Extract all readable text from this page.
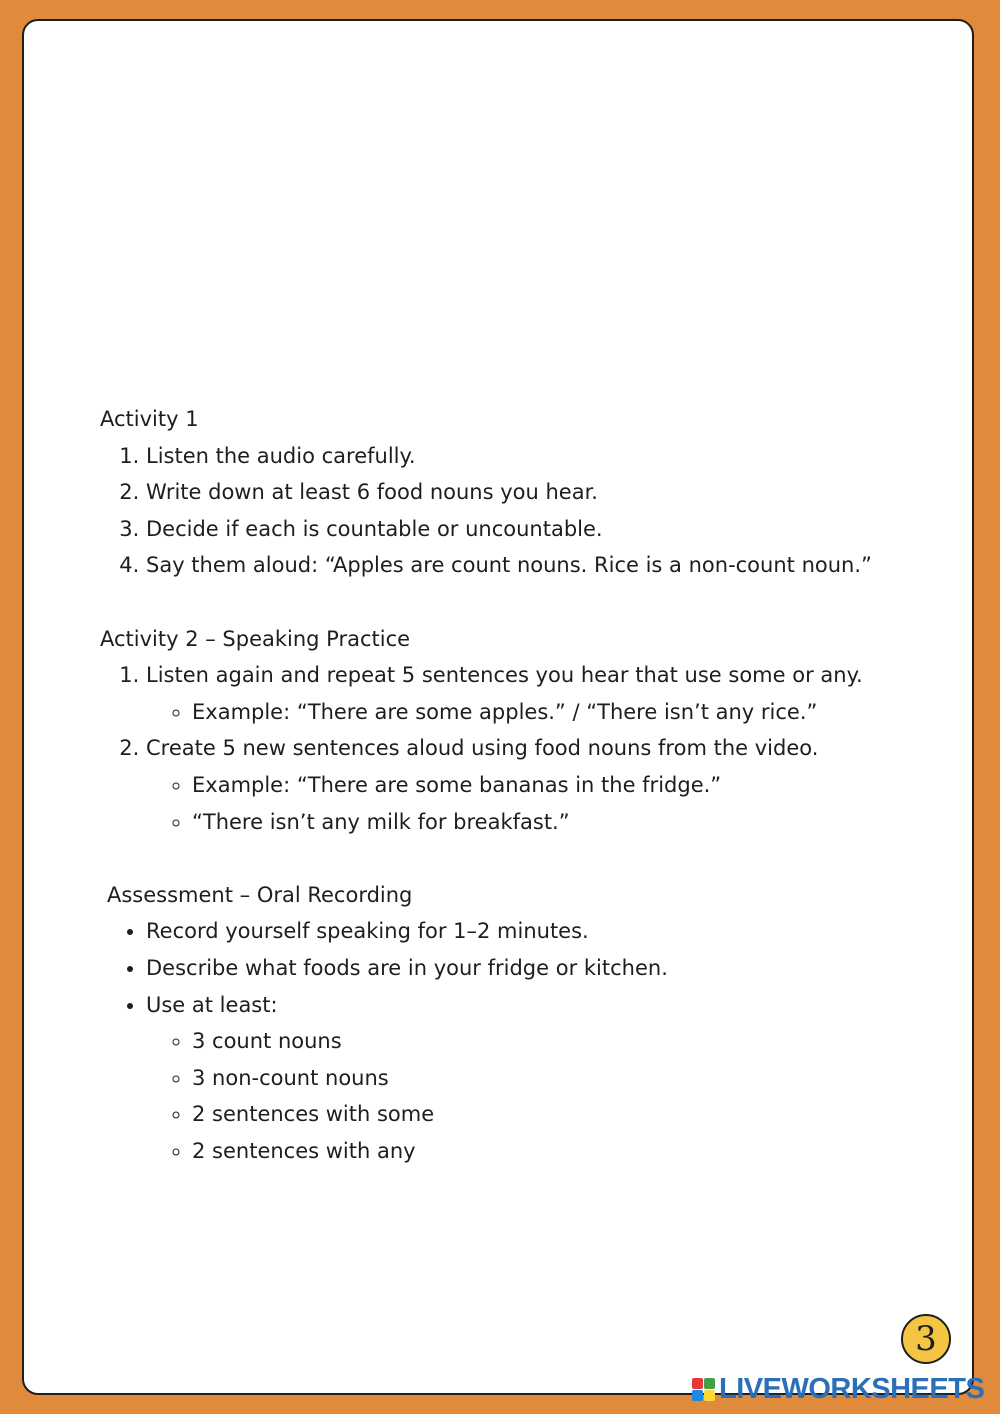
Activity 1

1. Listen the audio carefully.
2. Write down at least 6 food nouns you hear.
3. Decide if each is countable or uncountable.
4. Say them aloud: “Apples are count nouns. Rice is a non-count noun.”

Activity 2 – Speaking Practice

1. Listen again and repeat 5 sentences you hear that use some or any.
◦ Example: “There are some apples.” / “There isn’t any rice.”
2. Create 5 new sentences aloud using food nouns from the video.
◦ Example: “There are some bananas in the fridge.”
◦ “There isn’t any milk for breakfast.”

Assessment – Oral Recording

• Record yourself speaking for 1–2 minutes.
• Describe what foods are in your fridge or kitchen.
• Use at least:
◦ 3 count nouns
◦ 3 non-count nouns
◦ 2 sentences with some
◦ 2 sentences with any
3
LIVEWORKSHEETS
